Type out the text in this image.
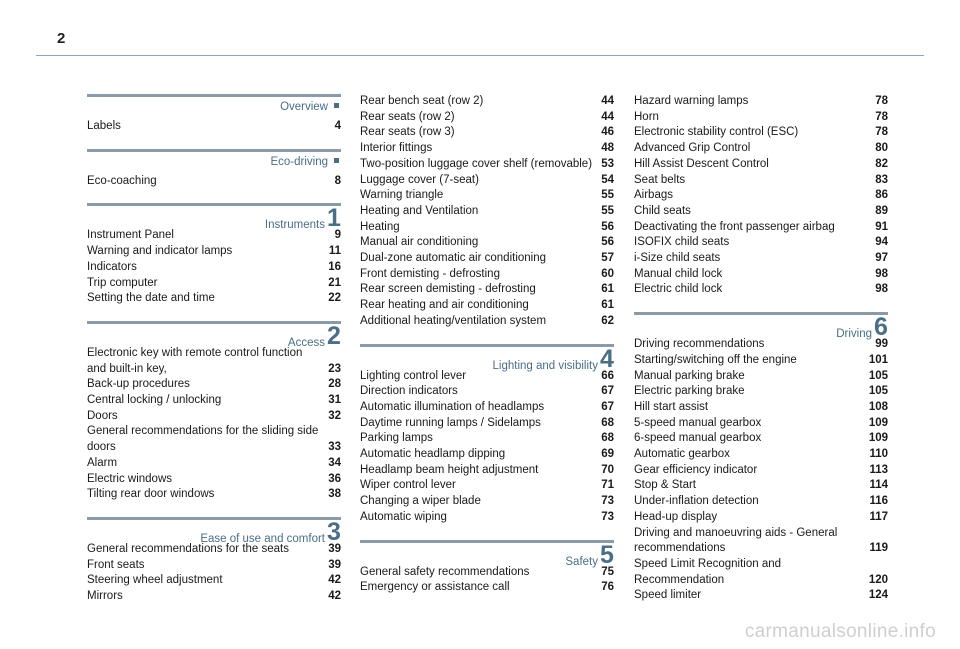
2
Overview
Labels	4
Eco-driving
Eco-coaching	8
Instruments1
Instrument Panel	9
Warning and indicator lamps	11
Indicators	16
Trip computer	21
Setting the date and time	22
Access2
Electronic key with remote control function and built-in key,	23
Back-up procedures	28
Central locking / unlocking	31
Doors	32
General recommendations for the sliding side doors	33
Alarm	34
Electric windows	36
Tilting rear door windows	38
Ease of use and comfort3
General recommendations for the seats	39
Front seats	39
Steering wheel adjustment	42
Mirrors	42
Rear bench seat (row 2)	44
Rear seats (row 2)	44
Rear seats (row 3)	46
Interior fittings	48
Two-position luggage cover shelf (removable) 53
Luggage cover (7-seat)	54
Warning triangle	55
Heating and Ventilation	55
Heating	56
Manual air conditioning	56
Dual-zone automatic air conditioning	57
Front demisting - defrosting	60
Rear screen demisting - defrosting	61
Rear heating and air conditioning	61
Additional heating/ventilation system	62
Lighting and visibility4
Lighting control lever	66
Direction indicators	67
Automatic illumination of headlamps	67
Daytime running lamps / Sidelamps	68
Parking lamps	68
Automatic headlamp dipping	69
Headlamp beam height adjustment	70
Wiper control lever	71
Changing a wiper blade	73
Automatic wiping	73
Safety5
General safety recommendations	75
Emergency or assistance call	76
Hazard warning lamps	78
Horn	78
Electronic stability control (ESC)	78
Advanced Grip Control	80
Hill Assist Descent Control	82
Seat belts	83
Airbags	86
Child seats	89
Deactivating the front passenger airbag	91
ISOFIX child seats	94
i-Size child seats	97
Manual child lock	98
Electric child lock	98
Driving6
Driving recommendations	99
Starting/switching off the engine	101
Manual parking brake	105
Electric parking brake	105
Hill start assist	108
5-speed manual gearbox	109
6-speed manual gearbox	109
Automatic gearbox	110
Gear efficiency indicator	113
Stop & Start	114
Under-inflation detection	116
Head-up display	117
Driving and manoeuvring aids - General recommendations	119
Speed Limit Recognition and Recommendation	120
Speed limiter	124
carmanualsonline.info
